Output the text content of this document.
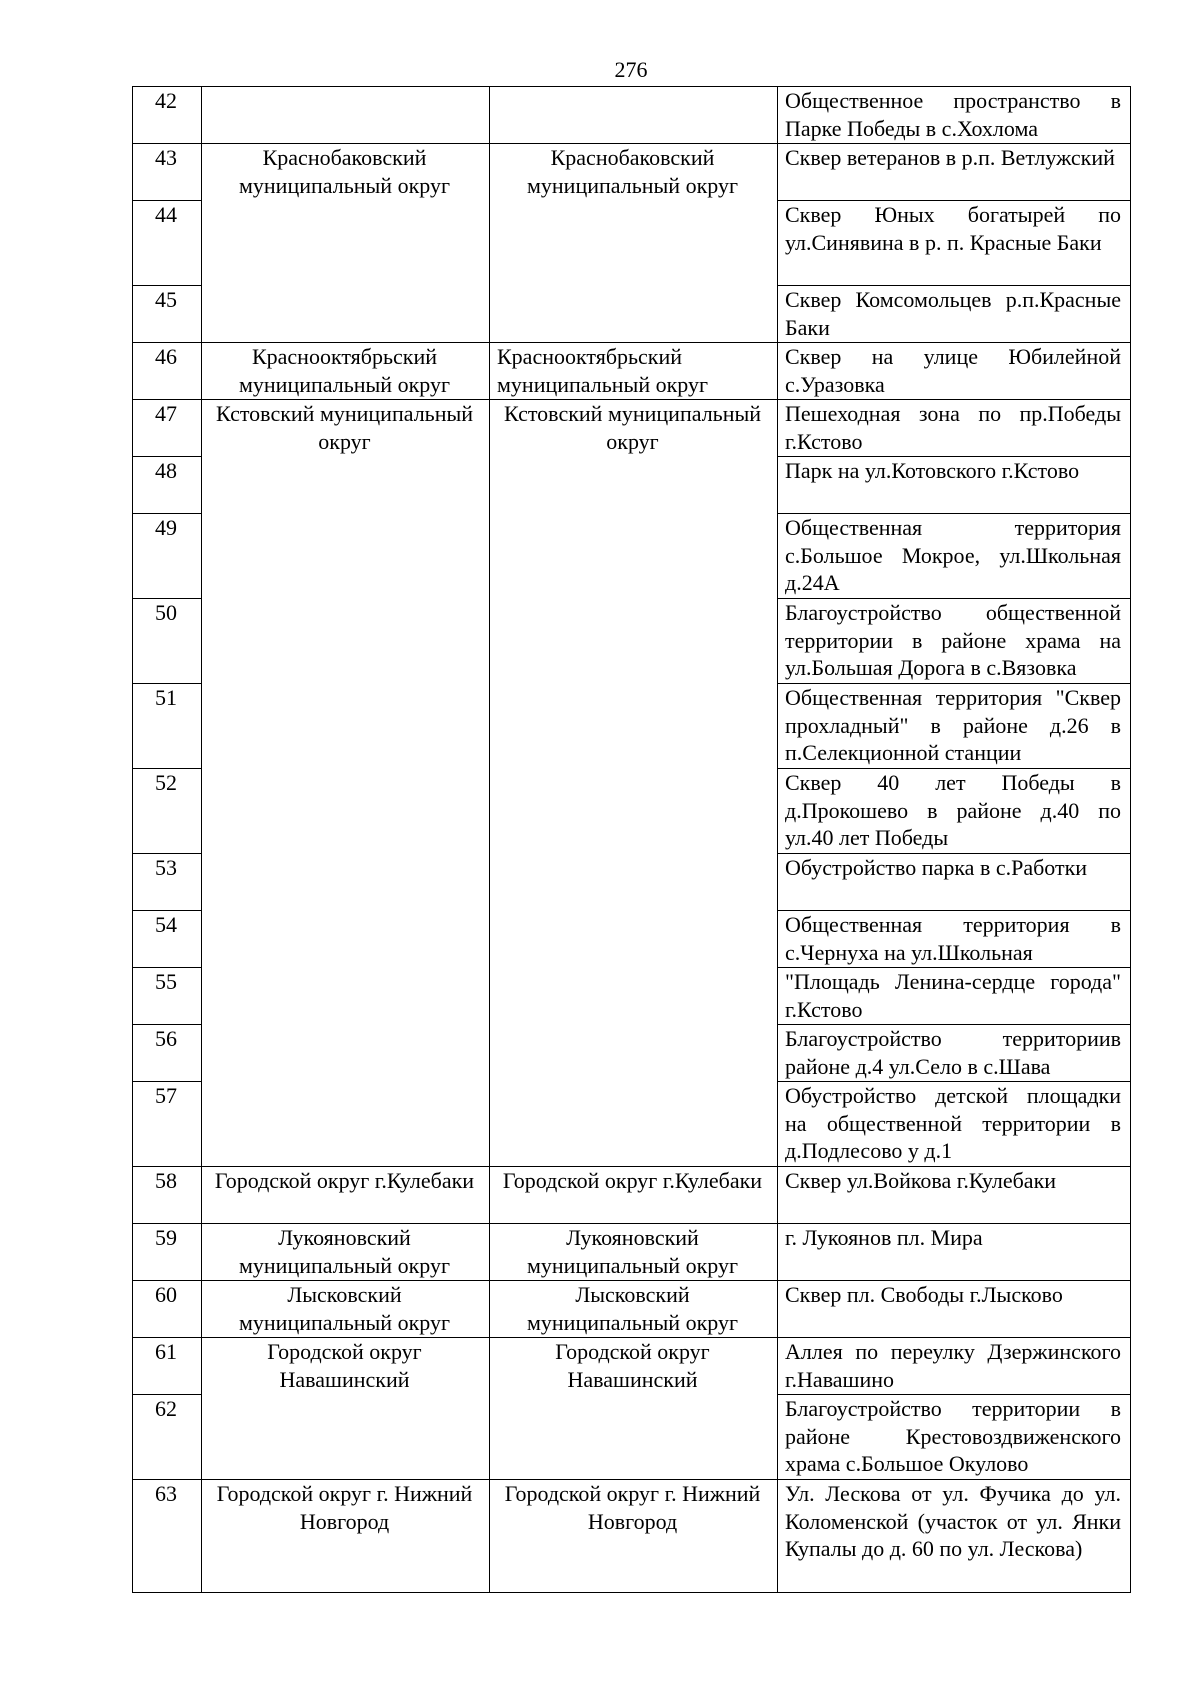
276
42			Общественное пространство в Парке Победы в с.Хохлома
43	Краснобаковский муниципальный округ	Краснобаковский муниципальный округ	Сквер ветеранов в р.п. Ветлужский
44			Сквер Юных богатырей по ул.Синявина в р. п. Красные Баки
45			Сквер Комсомольцев р.п.Красные Баки
46	Краснооктябрьский муниципальный округ	Краснооктябрьский муниципальный округ	Сквер на улице Юбилейной с.Уразовка
47	Кстовский муниципальный округ	Кстовский муниципальный округ	Пешеходная зона по пр.Победы г.Кстово
48			Парк на ул.Котовского г.Кстово
49			Общественная территория с.Большое Мокрое, ул.Школьная д.24А
50			Благоустройство общественной территории в районе храма на ул.Большая Дорога в с.Вязовка
51			Общественная территория "Сквер прохладный" в районе д.26 в п.Селекционной станции
52			Сквер 40 лет Победы в д.Прокошево в районе д.40 по ул.40 лет Победы
53			Обустройство парка в с.Работки
54			Общественная территория в с.Чернуха на ул.Школьная
55			"Площадь Ленина-сердце города" г.Кстово
56			Благоустройство территориив районе д.4 ул.Село в с.Шава
57			Обустройство детской площадки на общественной территории в д.Подлесово у д.1
58	Городской округ г.Кулебаки	Городской округ г.Кулебаки	Сквер ул.Войкова г.Кулебаки
59	Лукояновский муниципальный округ	Лукояновский муниципальный округ	г. Лукоянов пл. Мира
60	Лысковский муниципальный округ	Лысковский муниципальный округ	Сквер пл. Свободы г.Лысково
61	Городской округ Навашинский	Городской округ Навашинский	Аллея по переулку Дзержинского г.Навашино
62			Благоустройство территории в районе Крестовоздвиженского храма с.Большое Окулово
63	Городской округ г. Нижний Новгород	Городской округ г. Нижний Новгород	Ул. Лескова от ул. Фучика до ул. Коломенской (участок от ул. Янки Купалы до д. 60 по ул. Лескова)
